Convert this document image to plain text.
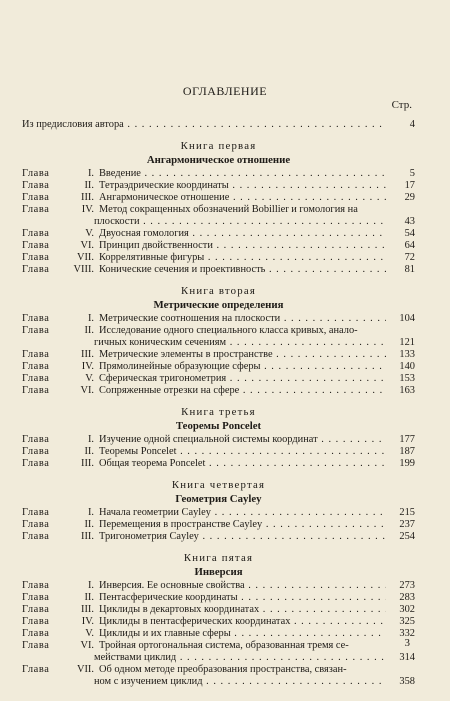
ОГЛАВЛЕНИЕ
Стр.
Из предисловия автора . . .	4
Книга первая
Ангармоническое отношение
Глава	I. Введение . . .	5
Глава	II. Тетраэдрические координаты . . .	17
Глава	III. Ангармоническое отношение . . .	29
Глава	IV. Метод сокращенных обозначений Bobillier и гомология на
плоскости . . .	43
Глава	V. Двуосная гомология . . .	54
Глава	VI. Принцип двойственности . . .	64
Глава	VII. Коррелятивные фигуры . . .	72
Глава	VIII. Конические сечения и проективность . . .	81
Книга вторая
Метрические определения
Глава	I. Метрические соотношения на плоскости . . .	104
Глава	II. Исследование одного специального класса кривых, анало-
гичных коническим сечениям . . .	121
Глава	III. Метрические элементы в пространстве . . .	133
Глава	IV. Прямолинейные образующие сферы . . .	140
Глава	V. Сферическая тригонометрия . . .	153
Глава	VI. Сопряженные отрезки на сфере . . .	163
Книга третья
Теоремы Poncelet
Глава	I. Изучение одной специальной системы координат . . .	177
Глава	II. Теоремы Poncelet . . .	187
Глава	III. Общая теорема Poncelet . . .	199
Книга четвертая
Геометрия Cayley
Глава	I. Начала геометрии Cayley . . .	215
Глава	II. Перемещения в пространстве Cayley . . .	237
Глава	III. Тригонометрия Cayley . . .	254
Книга пятая
Инверсия
Глава	I. Инверсия. Ее основные свойства . . .	273
Глава	II. Пентасферические координаты . . .	283
Глава	III. Циклиды в декартовых координатах . . .	302
Глава	IV. Циклиды в пентасферических координатах . . .	325
Глава	V. Циклиды и их главные сферы . . .	332
Глава	VI. Тройная ортогональная система, образованная тремя се-
мействами циклид . . .	314
Глава	VII. Об одном методе преобразования пространства, связан-
ном с изучением циклид . . .	358
3
